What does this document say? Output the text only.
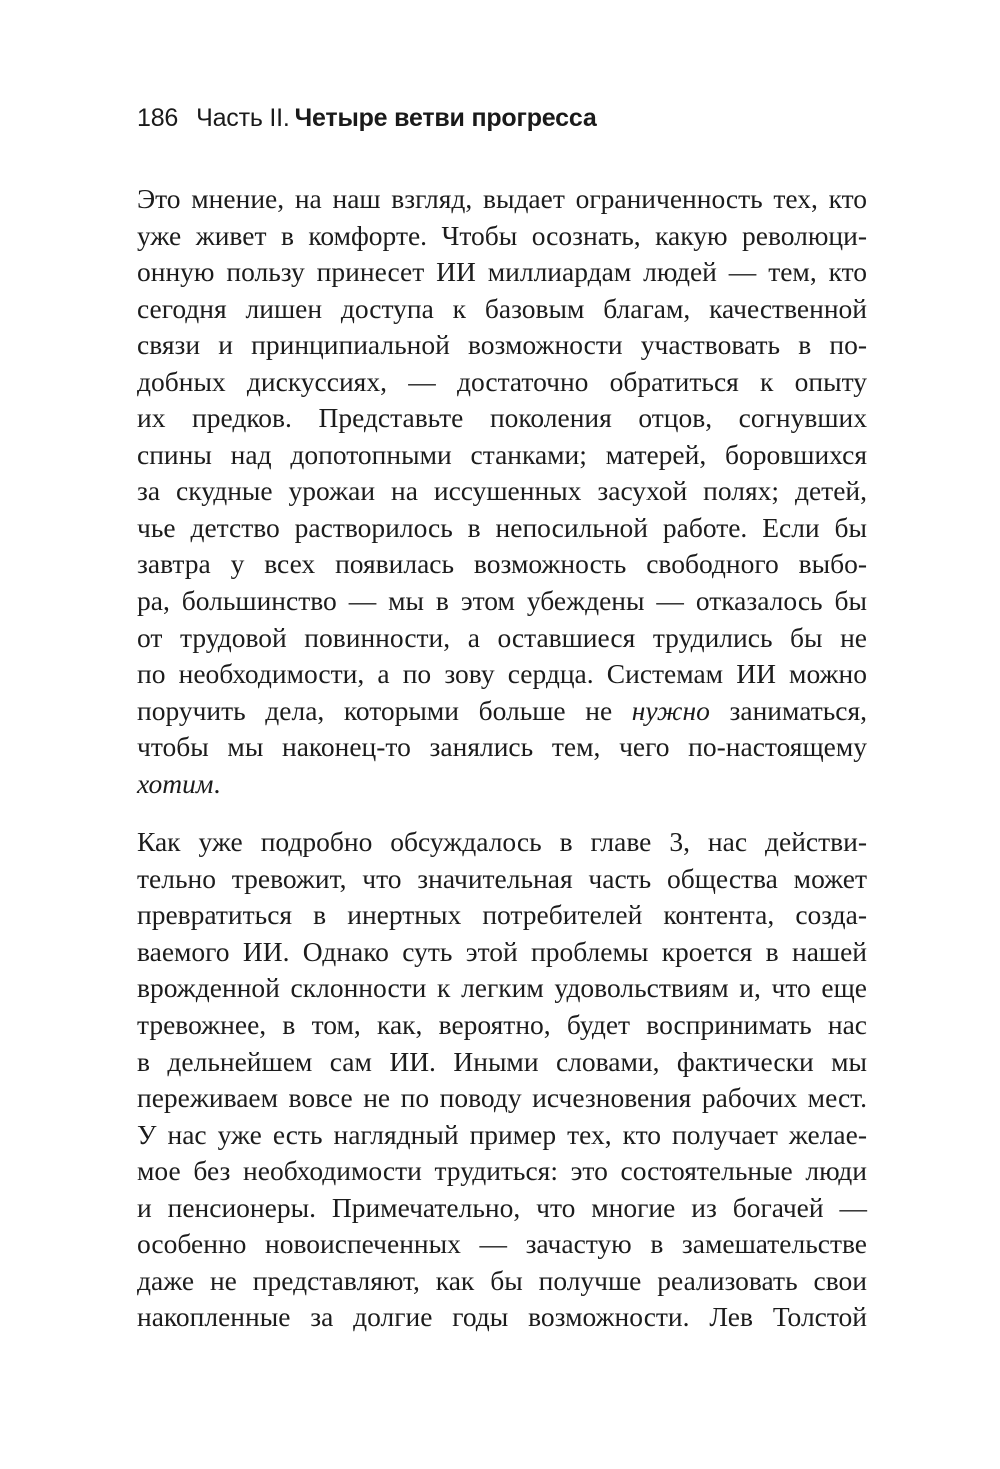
186 Часть II. Четыре ветви прогресса

Это мнение, на наш взгляд, выдает ограниченность тех, кто
уже живет в комфорте. Чтобы осознать, какую революци-
онную пользу принесет ИИ миллиардам людей — тем, кто
сегодня лишен доступа к базовым благам, качественной
связи и принципиальной возможности участвовать в по-
добных дискуссиях, — достаточно обратиться к опыту
их предков. Представьте поколения отцов, согнувших
спины над допотопными станками; матерей, боровшихся
за скудные урожаи на иссушенных засухой полях; детей,
чье детство растворилось в непосильной работе. Если бы
завтра у всех появилась возможность свободного выбо-
ра, большинство — мы в этом убеждены — отказалось бы
от трудовой повинности, а оставшиеся трудились бы не
по необходимости, а по зову сердца. Системам ИИ можно
поручить дела, которыми больше не нужно заниматься,
чтобы мы наконец-то занялись тем, чего по-настоящему
хотим.

Как уже подробно обсуждалось в главе 3, нас действи-
тельно тревожит, что значительная часть общества может
превратиться в инертных потребителей контента, созда-
ваемого ИИ. Однако суть этой проблемы кроется в нашей
врожденной склонности к легким удовольствиям и, что еще
тревожнее, в том, как, вероятно, будет воспринимать нас
в дельнейшем сам ИИ. Иными словами, фактически мы
переживаем вовсе не по поводу исчезновения рабочих мест.
У нас уже есть наглядный пример тех, кто получает желае-
мое без необходимости трудиться: это состоятельные люди
и пенсионеры. Примечательно, что многие из богачей —
особенно новоиспеченных — зачастую в замешательстве
даже не представляют, как бы получше реализовать свои
накопленные за долгие годы возможности. Лев Толстой
